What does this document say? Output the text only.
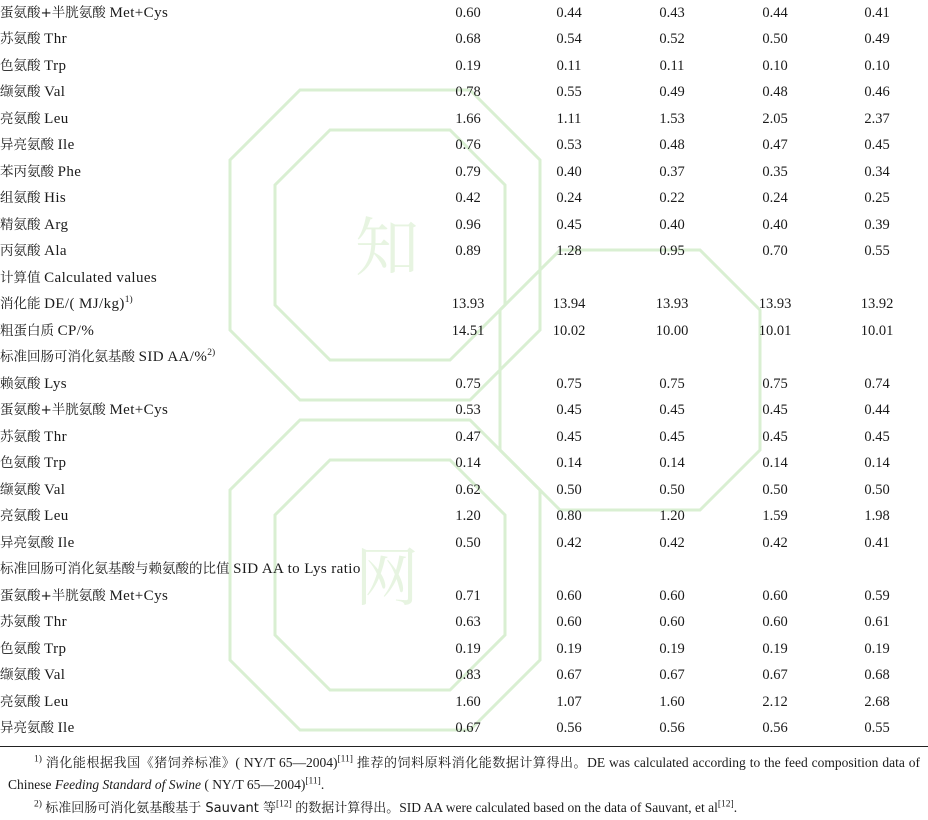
知
网
蛋氨酸+半胱氨酸 Met+Cys	0.60	0.44	0.43	0.44	0.41
苏氨酸 Thr	0.68	0.54	0.52	0.50	0.49
色氨酸 Trp	0.19	0.11	0.11	0.10	0.10
缬氨酸 Val	0.78	0.55	0.49	0.48	0.46
亮氨酸 Leu	1.66	1.11	1.53	2.05	2.37
异亮氨酸 Ile	0.76	0.53	0.48	0.47	0.45
苯丙氨酸 Phe	0.79	0.40	0.37	0.35	0.34
组氨酸 His	0.42	0.24	0.22	0.24	0.25
精氨酸 Arg	0.96	0.45	0.40	0.40	0.39
丙氨酸 Ala	0.89	1.28	0.95	0.70	0.55
计算值 Calculated values					
消化能 DE/( MJ/kg)$^{1)}$	13.93	13.94	13.93	13.93	13.92
粗蛋白质 CP/%	14.51	10.02	10.00	10.01	10.01
标准回肠可消化氨基酸 SID AA/%$^{2)}$					
赖氨酸 Lys	0.75	0.75	0.75	0.75	0.74
蛋氨酸+半胱氨酸 Met+Cys	0.53	0.45	0.45	0.45	0.44
苏氨酸 Thr	0.47	0.45	0.45	0.45	0.45
色氨酸 Trp	0.14	0.14	0.14	0.14	0.14
缬氨酸 Val	0.62	0.50	0.50	0.50	0.50
亮氨酸 Leu	1.20	0.80	1.20	1.59	1.98
异亮氨酸 Ile	0.50	0.42	0.42	0.42	0.41
标准回肠可消化氨基酸与赖氨酸的比值 SID AA to Lys ratio					
蛋氨酸+半胱氨酸 Met+Cys	0.71	0.60	0.60	0.60	0.59
苏氨酸 Thr	0.63	0.60	0.60	0.60	0.61
色氨酸 Trp	0.19	0.19	0.19	0.19	0.19
缬氨酸 Val	0.83	0.67	0.67	0.67	0.68
亮氨酸 Leu	1.60	1.07	1.60	2.12	2.68
异亮氨酸 Ile	0.67	0.56	0.56	0.56	0.55

$^{1)}$ 消化能根据我国《猪饲养标准》( NY/T 65—2004)[11] 推荐的饲料原料消化能数据计算得出。DE was calculated according to the feed composition data of Chinese Feeding Standard of Swine ( NY/T 65—2004)[11].

$^{2)}$ 标准回肠可消化氨基酸基于 Sauvant 等[12] 的数据计算得出。SID AA were calculated based on the data of Sauvant, et al[12].
